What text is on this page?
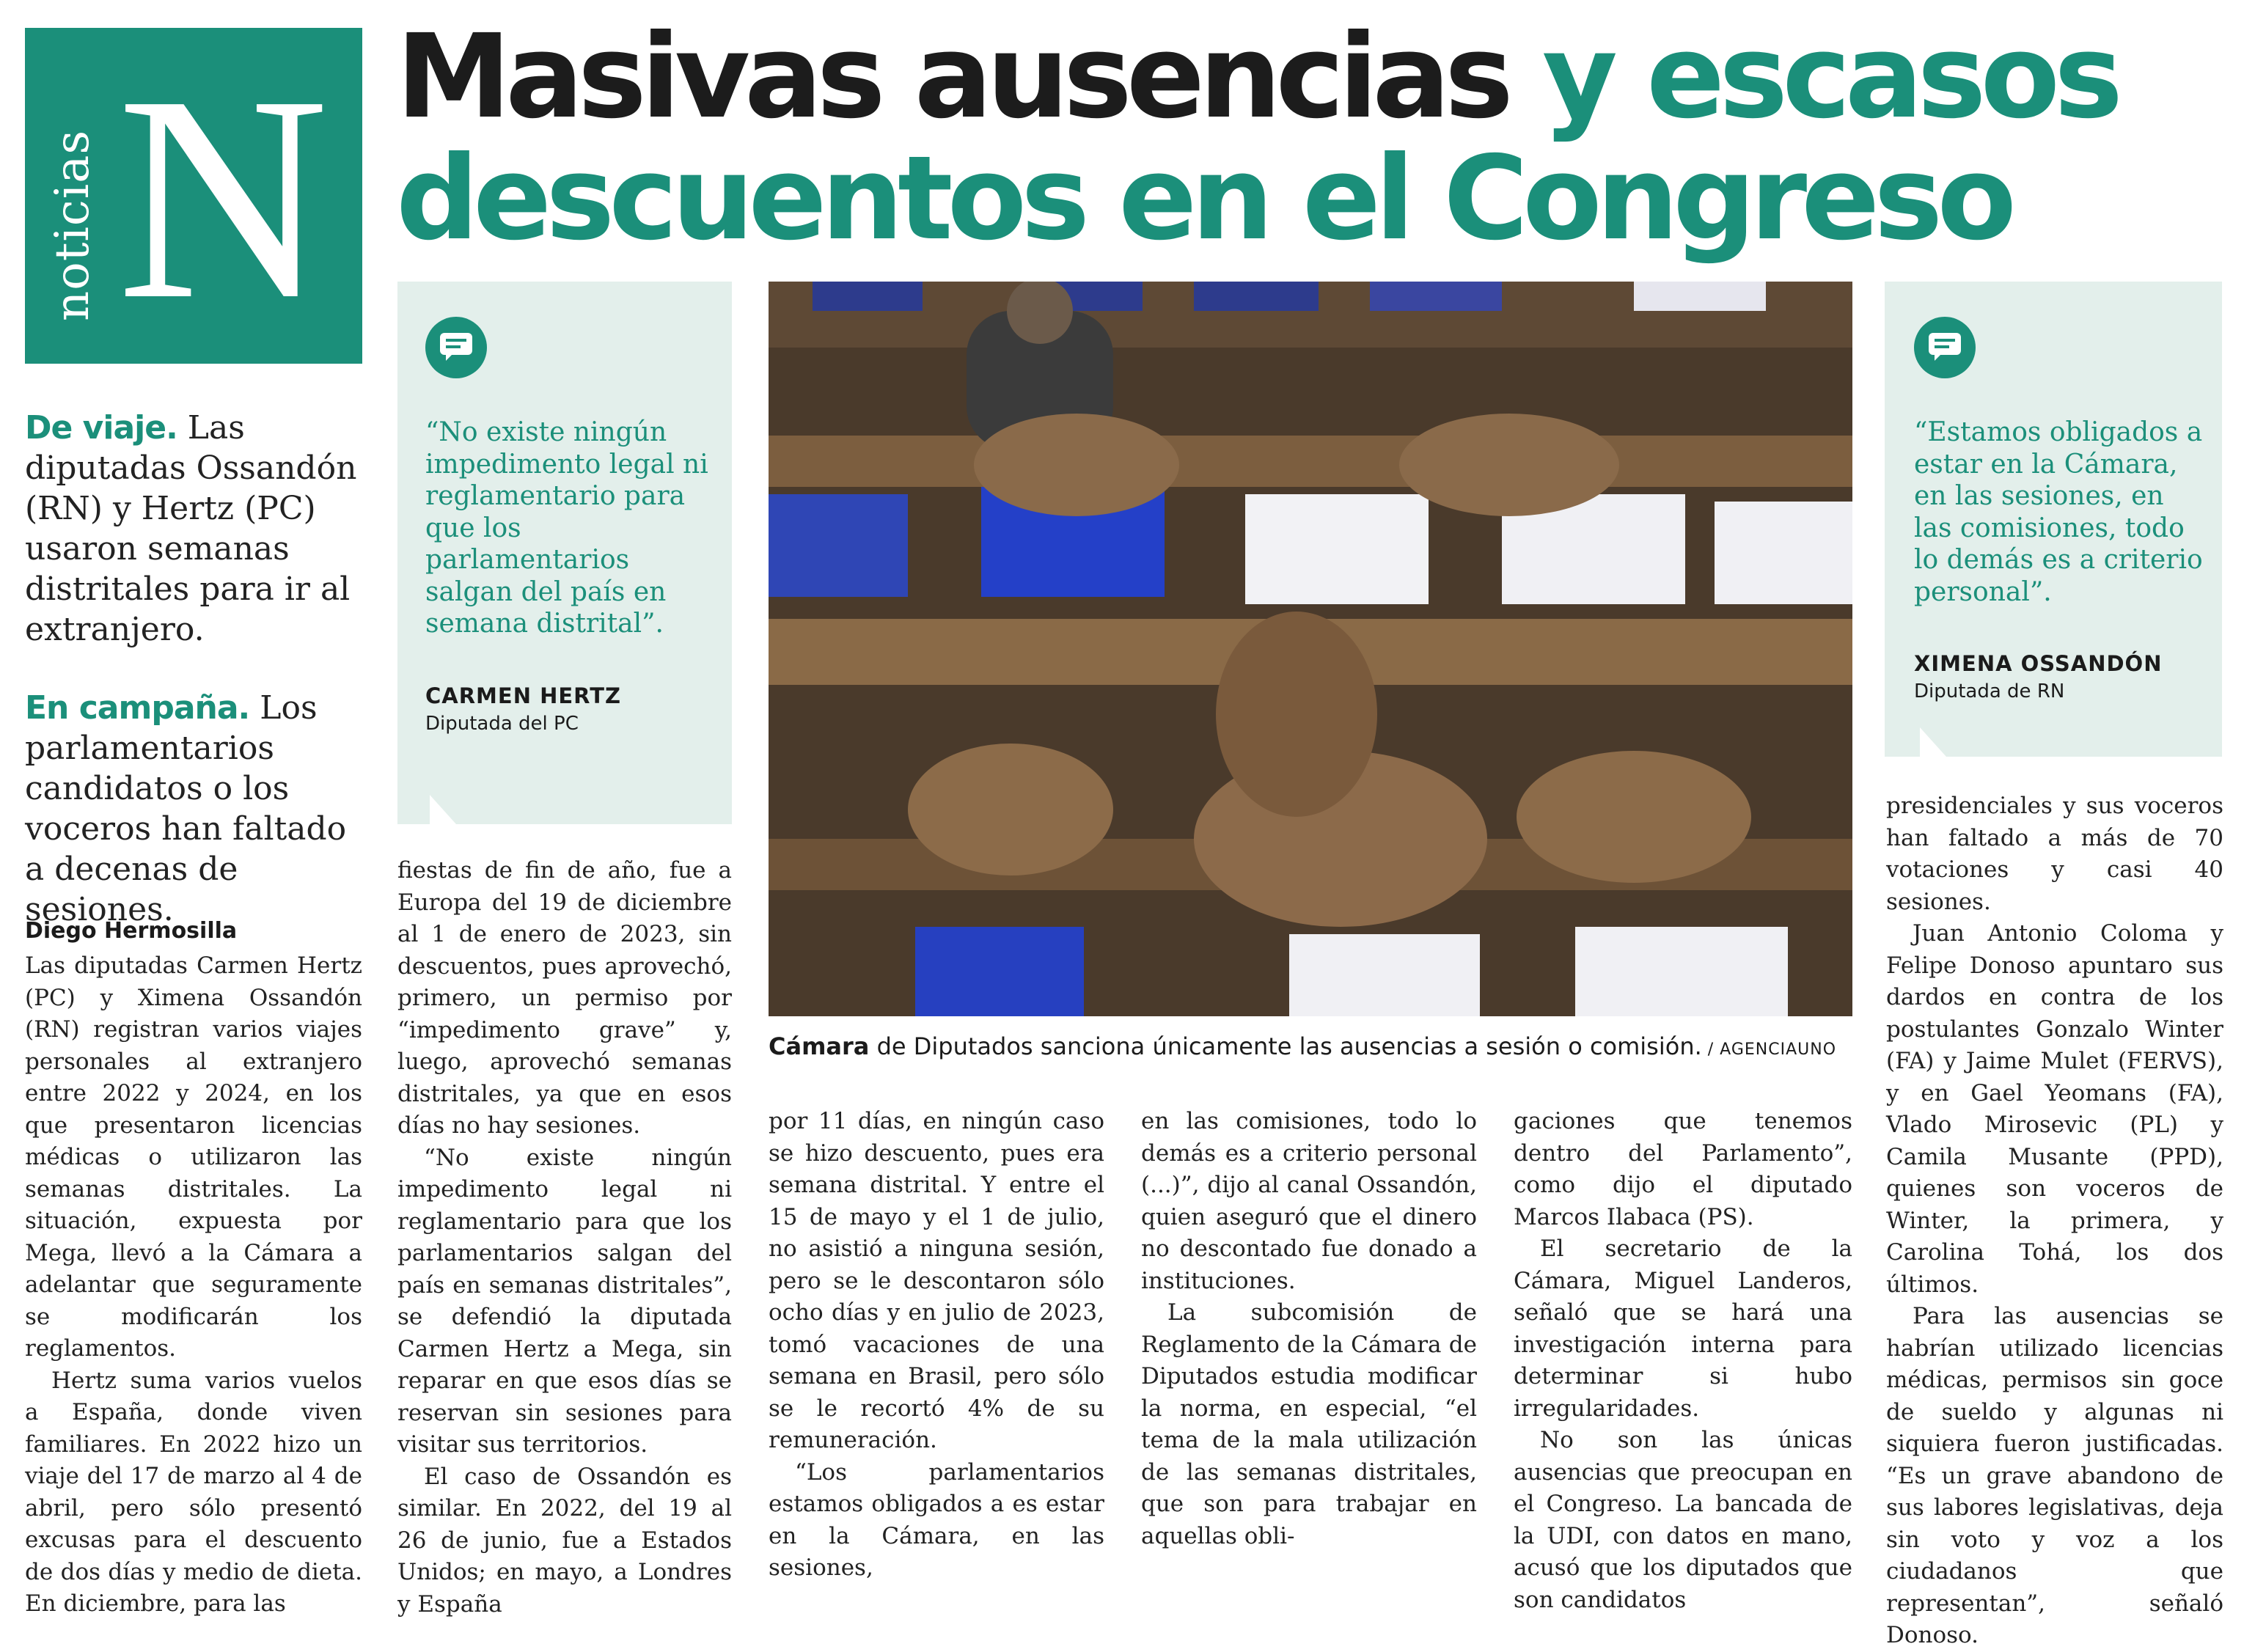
noticias N Masivas ausencias y escasos
descuentos en el Congreso

De viaje. Las diputadas Ossandón (RN) y Hertz (PC) usaron semanas distritales para ir al extranjero.

En campaña. Los parlamentarios candidatos o los voceros han faltado a decenas de sesiones.

Diego Hermosilla

Las diputadas Carmen Hertz (PC) y Ximena Ossandón (RN) registran varios viajes personales al extranjero entre 2022 y 2024, en los que presentaron licencias médicas o utilizaron las semanas distritales. La situación, expuesta por Mega, llevó a la Cámara a adelantar que seguramente se modificarán los reglamentos.

Hertz suma varios vuelos a España, donde viven familiares. En 2022 hizo un viaje del 17 de marzo al 4 de abril, pero sólo presentó excusas para el descuento de dos días y medio de dieta. En diciembre, para las

“No existe ningún impedimento legal ni reglamentario para que los parlamentarios salgan del país en semana distrital”.
CARMEN HERTZ
Diputada del PC

fiestas de fin de año, fue a Europa del 19 de diciembre al 1 de enero de 2023, sin descuentos, pues aprovechó, primero, un permiso por “impedimento grave” y, luego, aprovechó semanas distritales, ya que en esos días no hay sesiones.

“No existe ningún impedimento legal ni reglamentario para que los parlamentarios salgan del país en semanas distritales”, se defendió la diputada Carmen Hertz a Mega, sin reparar en que esos días se reservan sin sesiones para visitar sus territorios.

El caso de Ossandón es similar. En 2022, del 19 al 26 de junio, fue a Estados Unidos; en mayo, a Londres y España

Cámara de Diputados sanciona únicamente las ausencias a sesión o comisión. / AGENCIAUNO

por 11 días, en ningún caso se hizo descuento, pues era semana distrital. Y entre el 15 de mayo y el 1 de julio, no asistió a ninguna sesión, pero se le descontaron sólo ocho días y en julio de 2023, tomó vacaciones de una semana en Brasil, pero sólo se le recortó 4% de su remuneración.

“Los parlamentarios estamos obligados a es estar en la Cámara, en las sesiones,

en las comisiones, todo lo demás es a criterio personal (...)”, dijo al canal Ossandón, quien aseguró que el dinero no descontado fue donado a instituciones.

La subcomisión de Reglamento de la Cámara de Diputados estudia modificar la norma, en especial, “el tema de la mala utilización de las semanas distritales, que son para trabajar en aquellas obli-

gaciones que tenemos dentro del Parlamento”, como dijo el diputado Marcos Ilabaca (PS).

El secretario de la Cámara, Miguel Landeros, señaló que se hará una investigación interna para determinar si hubo irregularidades.

No son las únicas ausencias que preocupan en el Congreso. La bancada de la UDI, con datos en mano, acusó que los diputados que son candidatos

“Estamos obligados a estar en la Cámara, en las sesiones, en las comisiones, todo lo demás es a criterio personal”.
XIMENA OSSANDÓN
Diputada de RN

presidenciales y sus voceros han faltado a más de 70 votaciones y casi 40 sesiones.

Juan Antonio Coloma y Felipe Donoso apuntaro sus dardos en contra de los postulantes Gonzalo Winter (FA) y Jaime Mulet (FERVS), y en Gael Yeomans (FA), Vlado Mirosevic (PL) y Camila Musante (PPD), quienes son voceros de Winter, la primera, y Carolina Tohá, los dos últimos.

Para las ausencias se habrían utilizado licencias médicas, permisos sin goce de sueldo y algunas ni siquiera fueron justificadas. “Es un grave abandono de sus labores legislativas, deja sin voto y voz a los ciudadanos que representan”, señaló Donoso.
